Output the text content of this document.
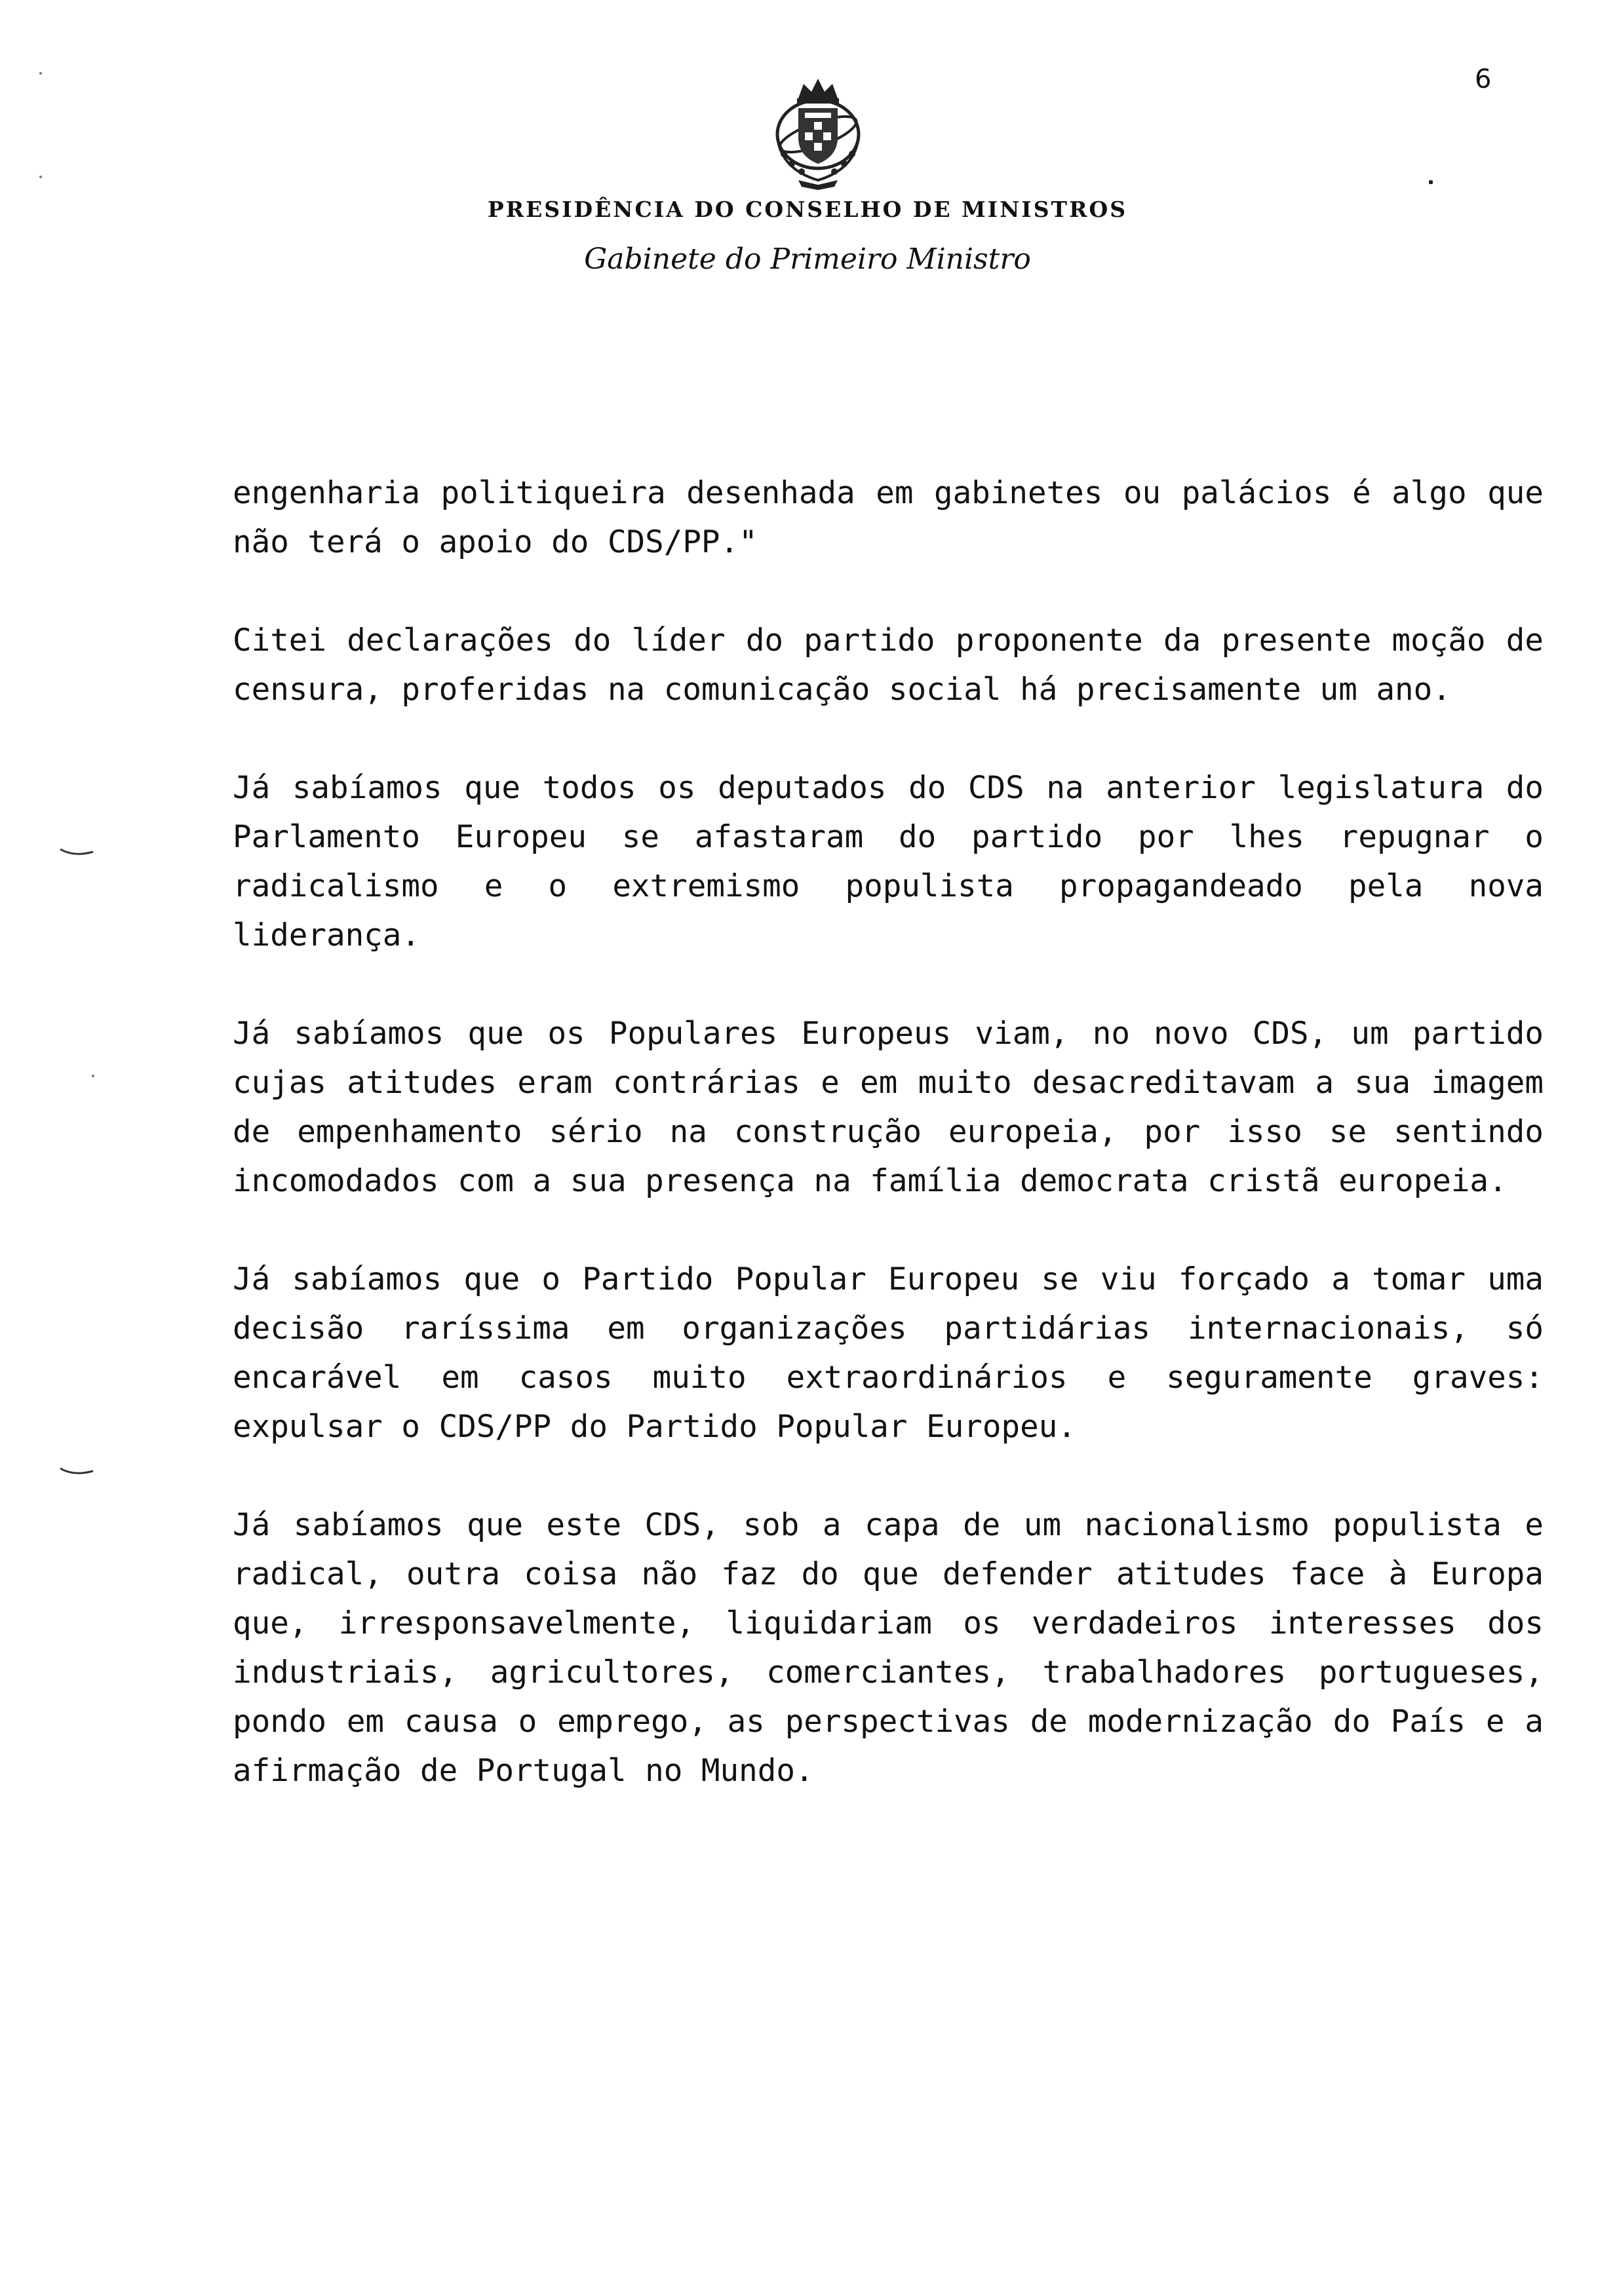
6
PRESIDÊNCIA DO CONSELHO DE MINISTROS
Gabinete do Primeiro Ministro

engenharia politiqueira desenhada em gabinetes ou palácios é algo que não terá o apoio do CDS/PP."

Citei declarações do líder do partido proponente da presente moção de censura, proferidas na comunicação social há precisamente um ano.

Já sabíamos que todos os deputados do CDS na anterior legislatura do Parlamento Europeu se afastaram do partido por lhes repugnar o radicalismo e o extremismo populista propagandeado pela nova liderança.

Já sabíamos que os Populares Europeus viam, no novo CDS, um partido cujas atitudes eram contrárias e em muito desacreditavam a sua imagem de empenhamento sério na construção europeia, por isso se sentindo incomodados com a sua presença na família democrata cristã europeia.

Já sabíamos que o Partido Popular Europeu se viu forçado a tomar uma decisão raríssima em organizações partidárias internacionais, só encarável em casos muito extraordinários e seguramente graves: expulsar o CDS/PP do Partido Popular Europeu.

Já sabíamos que este CDS, sob a capa de um nacionalismo populista e radical, outra coisa não faz do que defender atitudes face à Europa que, irresponsavelmente, liquidariam os verdadeiros interesses dos industriais, agricultores, comerciantes, trabalhadores portugueses, pondo em causa o emprego, as perspectivas de modernização do País e a afirmação de Portugal no Mundo.
